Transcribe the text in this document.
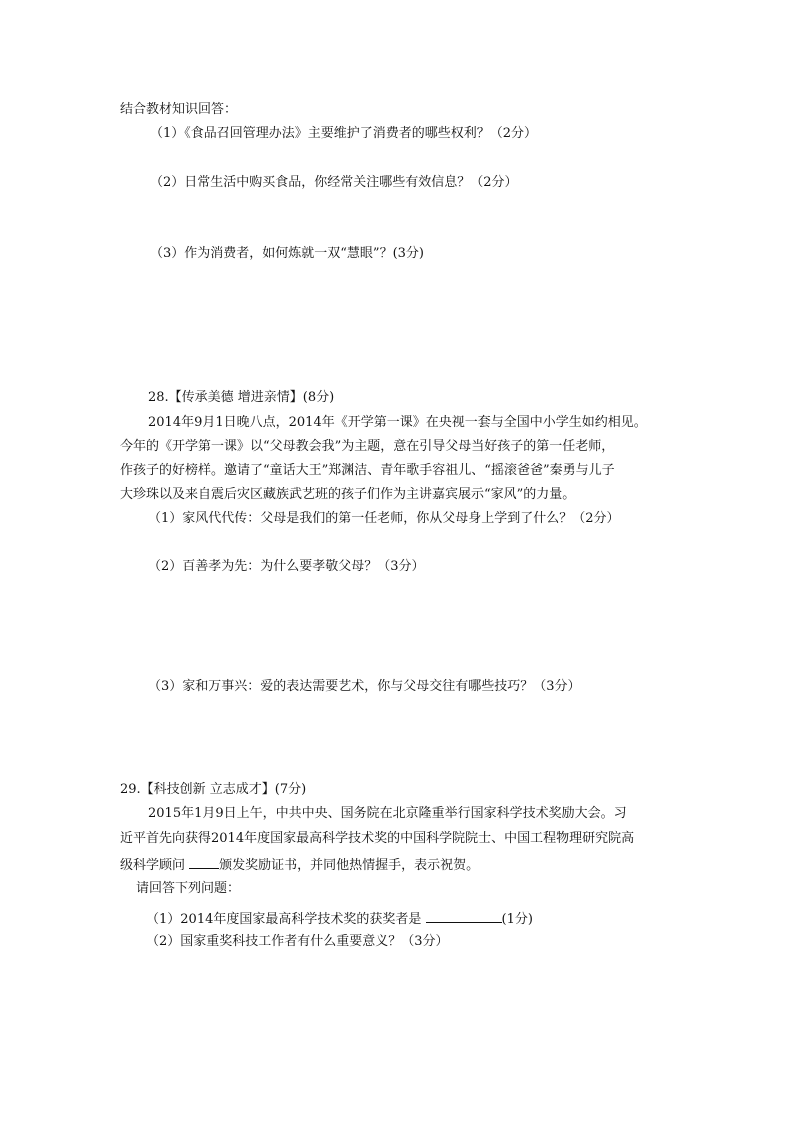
结合教材知识回答：
（1）《食品召回管理办法》主要维护了消费者的哪些权利？（2分）
（2）日常生活中购买食品，你经常关注哪些有效信息？（2分）
（3）作为消费者，如何炼就一双“慧眼”？(3分)
28.【传承美德 增进亲情】(8分)
2014年9月1日晚八点，2014年《开学第一课》在央视一套与全国中小学生如约相见。
今年的《开学第一课》以“父母教会我”为主题，意在引导父母当好孩子的第一任老师，
作孩子的好榜样。邀请了“童话大王”郑渊洁、青年歌手容祖儿、“摇滚爸爸”秦勇与儿子
大珍珠以及来自震后灾区藏族武艺班的孩子们作为主讲嘉宾展示“家风”的力量。
（1）家风代代传：父母是我们的第一任老师，你从父母身上学到了什么？（2分）
（2）百善孝为先：为什么要孝敬父母？（3分）
（3）家和万事兴：爱的表达需要艺术，你与父母交往有哪些技巧？（3分）
29.【科技创新 立志成才】(7分)
2015年1月9日上午，中共中央、国务院在北京隆重举行国家科学技术奖励大会。习
近平首先向获得2014年度国家最高科学技术奖的中国科学院院士、中国工程物理研究院高
级科学顾问 颁发奖励证书，并同他热情握手，表示祝贺。
请回答下列问题：
（1）2014年度国家最高科学技术奖的获奖者是	(1分)
（2）国家重奖科技工作者有什么重要意义？（3分）
